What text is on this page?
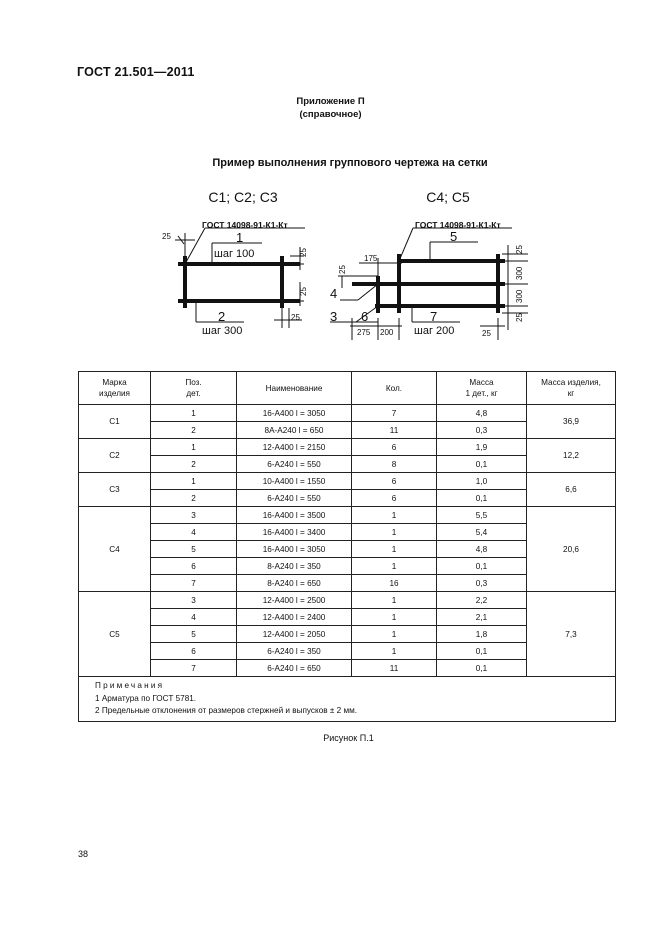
ГОСТ 21.501—2011
Приложение П
(справочное)
Пример выполнения группового чертежа на сетки
С1; С2; С3
ГОСТ 14098-91-К1-Кт
1
шаг 100
2
шаг 300
25
25
25
25
С4; С5
ГОСТ 14098-91-К1-Кт
5
4
3 6	7
шаг 200
175
25
275 200
25
300
300
25
25
Марка
изделия	Поз.
дет.	Наименование	Кол.	Масса
1 дет., кг	Масса изделия,
кг
С1	1	16-А400 l = 3050	7	4,8	36,9
	2	8А-А240 l = 650	11	0,3	
С2	1	12-А400 l = 2150	6	1,9	12,2
	2	6-А240 l = 550	8	0,1	
С3	1	10-А400 l = 1550	6	1,0	6,6
	2	6-А240 l = 550	6	0,1	
С4	3	16-А400 l = 3500	1	5,5	20,6
	4	16-А400 l = 3400	1	5,4	
	5	16-А400 l = 3050	1	4,8	
	6	8-А240 l = 350	1	0,1	
	7	8-А240 l = 650	16	0,3	
С5	3	12-А400 l = 2500	1	2,2	7,3
	4	12-А400 l = 2400	1	2,1	
	5	12-А400 l = 2050	1	1,8	
	6	6-А240 l = 350	1	0,1	
	7	6-А240 l = 650	11	0,1	

Примечания
1 Арматура по ГОСТ 5781.
2 Предельные отклонения от размеров стержней и выпусков ± 2 мм.					
Рисунок П.1
38
